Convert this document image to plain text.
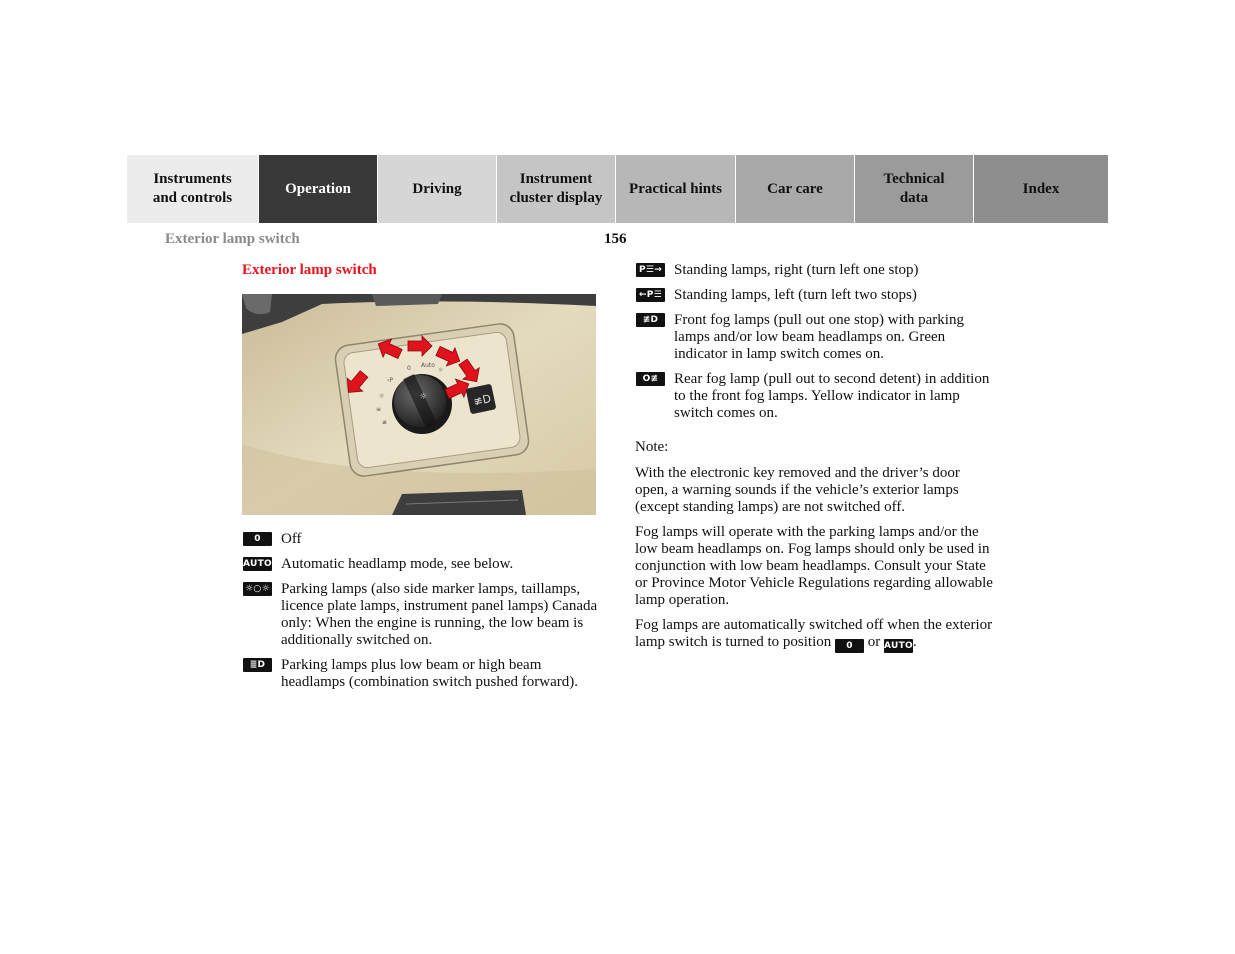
Instruments
and controls
Operation	Driving
Instrument
cluster display
Practical hints	Car care
Technical
data
Index
Exterior lamp switch	156
Exterior lamp switch
≡
☼
‹P
0 Auto
☼
≢
☼	≢D
0	Off
AUTO Automatic headlamp mode, see below.
☼○☼ Parking lamps (also side marker lamps, taillamps, licence plate lamps, instrument panel lamps) Canada only: When the engine is running, the low beam is additionally switched on.
≣D	Parking lamps plus low beam or high beam headlamps (combination switch pushed forward).
P☰→ Standing lamps, right (turn left one stop)
←P☰ Standing lamps, left (turn left two stops)
≢D	Front fog lamps (pull out one stop) with parking lamps and/or low beam headlamps on. Green indicator in lamp switch comes on.
O≢	Rear fog lamp (pull out to second detent) in addition to the front fog lamps. Yellow indicator in lamp switch comes on.

Note:

With the electronic key removed and the driver’s door open, a warning sounds if the vehicle’s exterior lamps (except standing lamps) are not switched off.

Fog lamps will operate with the parking lamps and/or the low beam headlamps on. Fog lamps should only be used in conjunction with low beam headlamps. Consult your State or Province Motor Vehicle Regulations regarding allowable lamp operation.

Fog lamps are automatically switched off when the exterior lamp switch is turned to position 0 or AUTO.
